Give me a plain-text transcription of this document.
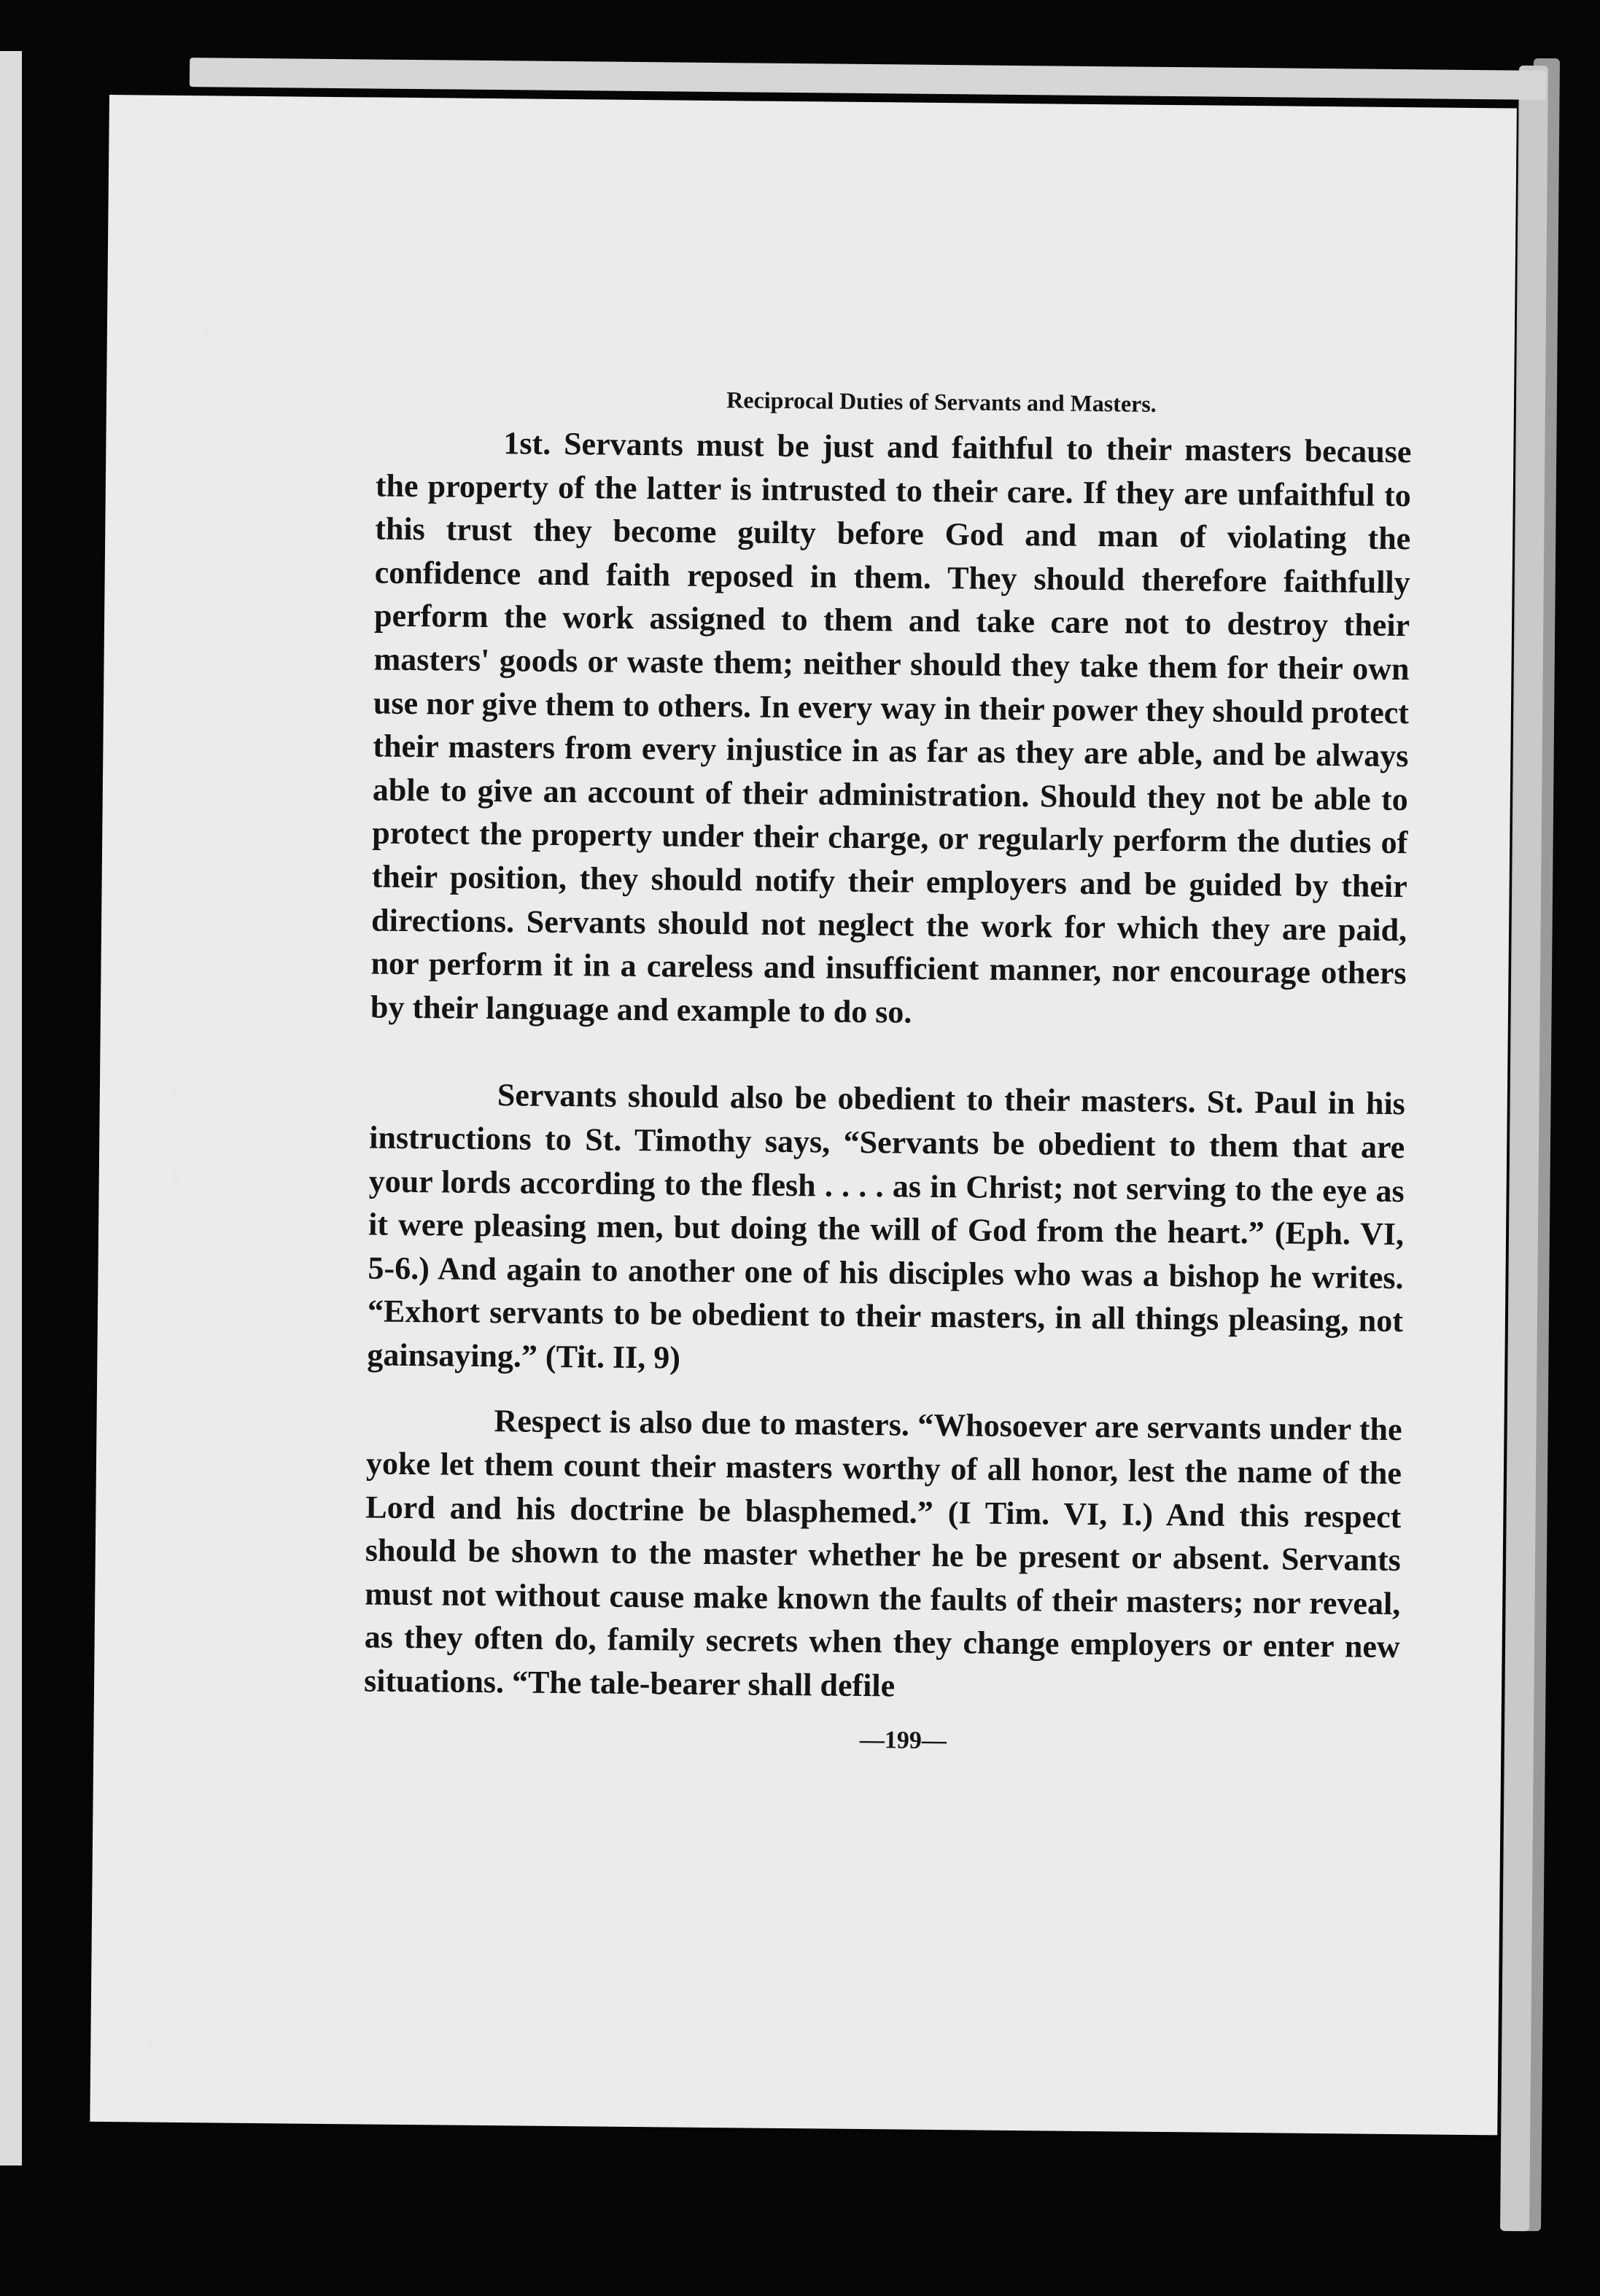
Reciprocal Duties of Servants and Masters.

1st. Servants must be just and faithful to their masters because the property of the latter is intrusted to their care. If they are unfaithful to this trust they become guilty before God and man of violating the confidence and faith reposed in them. They should therefore faithfully perform the work assigned to them and take care not to destroy their masters' goods or waste them; neither should they take them for their own use nor give them to others. In every way in their power they should protect their masters from every injustice in as far as they are able, and be always able to give an account of their administration. Should they not be able to protect the property under their charge, or regularly perform the duties of their position, they should notify their employers and be guided by their directions. Servants should not neglect the work for which they are paid, nor perform it in a careless and insufficient manner, nor encourage others by their language and example to do so.

Servants should also be obedient to their masters. St. Paul in his instructions to St. Timothy says, “Servants be obedient to them that are your lords according to the flesh . . . . as in Christ; not serving to the eye as it were pleasing men, but doing the will of God from the heart.” (Eph. VI, 5-6.) And again to another one of his disciples who was a bishop he writes. “Exhort servants to be obedient to their masters, in all things pleasing, not gainsaying.” (Tit. II, 9)

Respect is also due to masters. “Whosoever are servants under the yoke let them count their masters worthy of all honor, lest the name of the Lord and his doctrine be blasphemed.” (I Tim. VI, I.) And this respect should be shown to the master whether he be present or absent. Servants must not without cause make known the faults of their masters; nor reveal, as they often do, family secrets when they change employers or enter new situations. “The tale-bearer shall defile

—199—
